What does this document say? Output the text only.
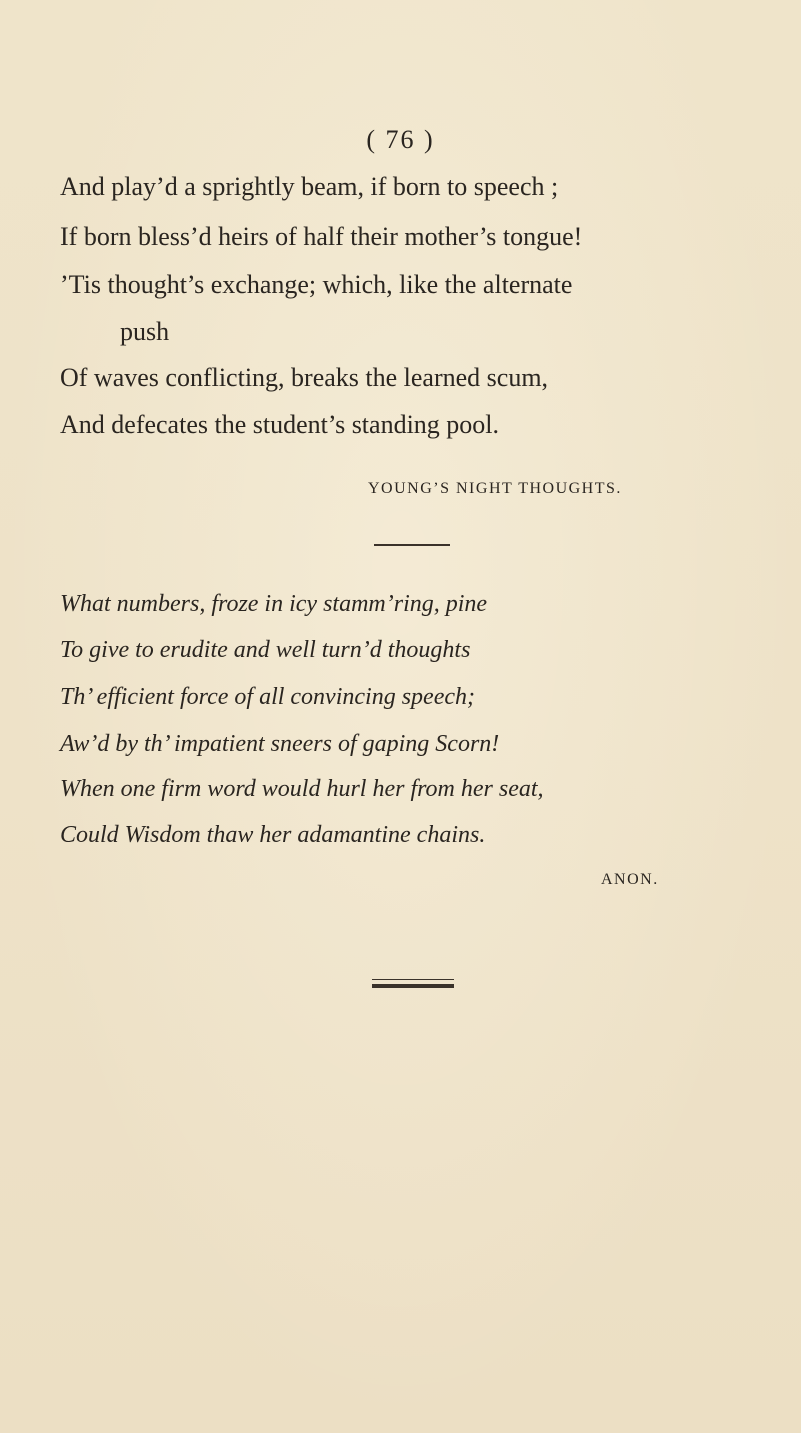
( 76 )
And play’d a sprightly beam, if born to speech ;
If born bless’d heirs of half their mother’s tongue!
’Tis thought’s exchange; which, like the alternate
push
Of waves conflicting, breaks the learned scum,
And defecates the student’s standing pool.
YOUNG’S NIGHT THOUGHTS.
What numbers, froze in icy stamm’ring, pine
To give to erudite and well turn’d thoughts
Th’ efficient force of all convincing speech;
Aw’d by th’ impatient sneers of gaping Scorn!
When one firm word would hurl her from her seat,
Could Wisdom thaw her adamantine chains.
ANON.
